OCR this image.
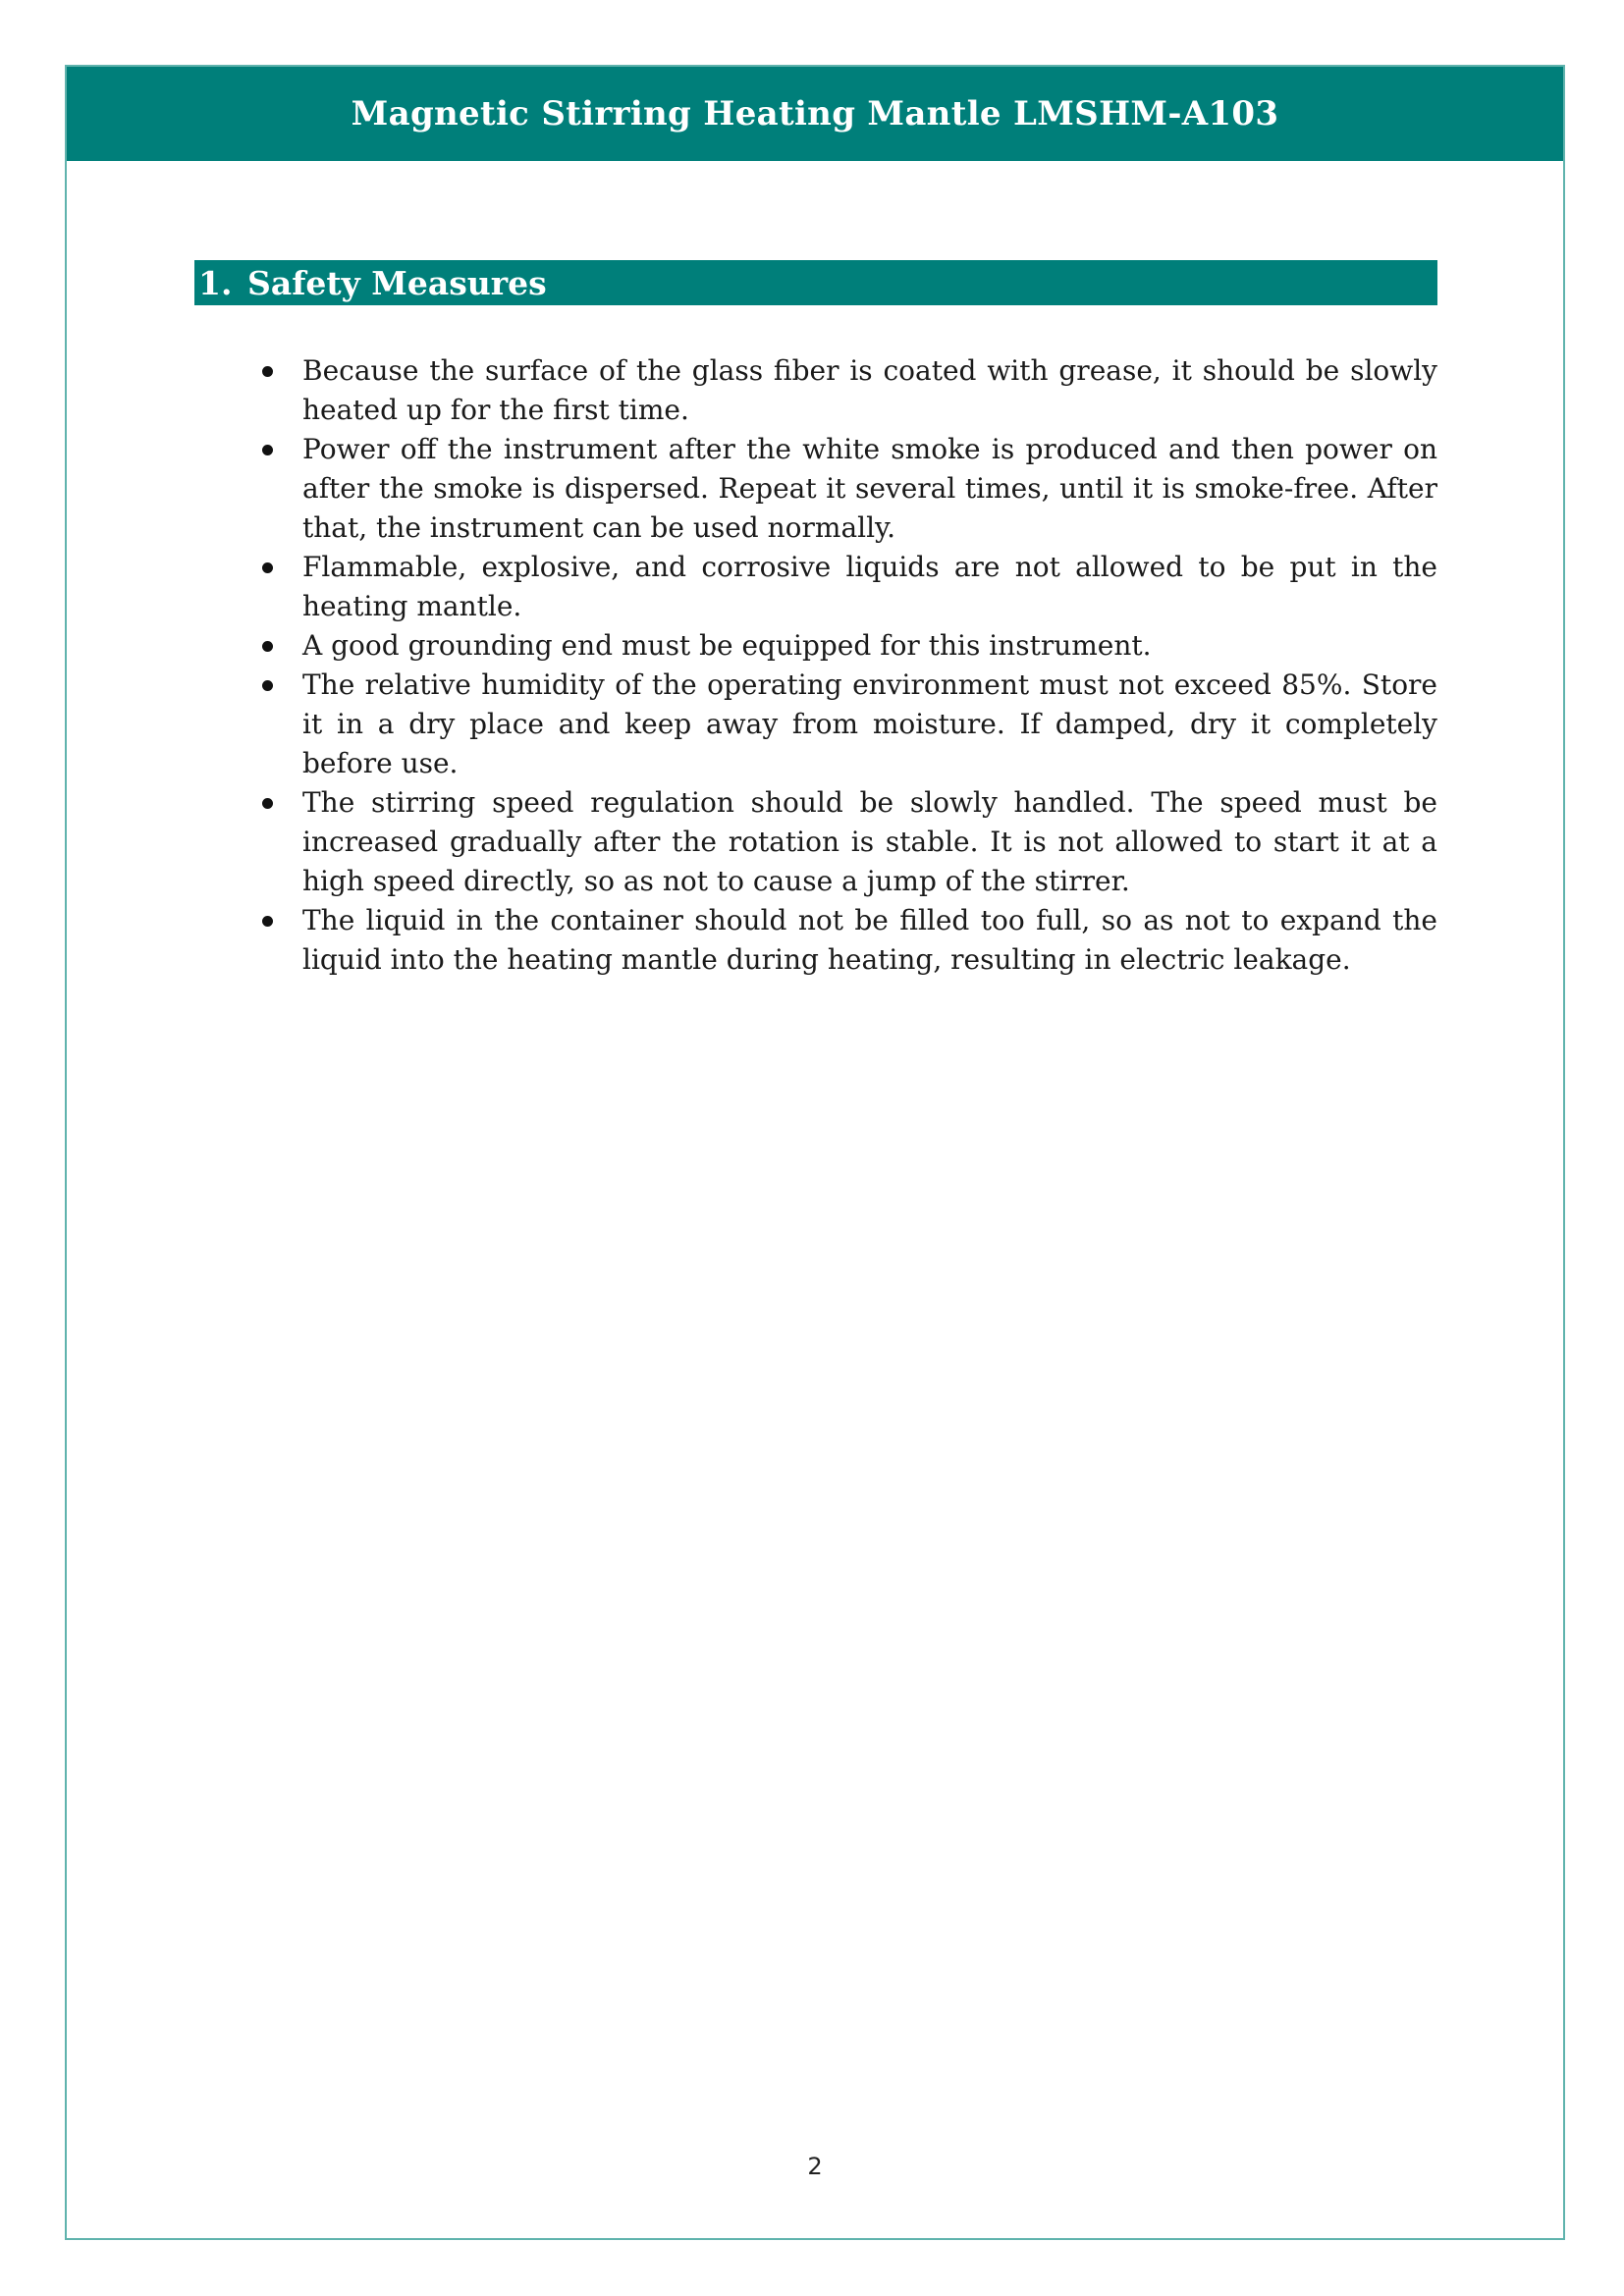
Magnetic Stirring Heating Mantle LMSHM-A103
1. Safety Measures
Because the surface of the glass fiber is coated with grease, it should be slowly heated up for the first time.
Power off the instrument after the white smoke is produced and then power on after the smoke is dispersed. Repeat it several times, until it is smoke-free. After that, the instrument can be used normally.
Flammable, explosive, and corrosive liquids are not allowed to be put in the heating mantle.
A good grounding end must be equipped for this instrument.
The relative humidity of the operating environment must not exceed 85%. Store it in a dry place and keep away from moisture. If damped, dry it completely before use.
The stirring speed regulation should be slowly handled. The speed must be increased gradually after the rotation is stable. It is not allowed to start it at a high speed directly, so as not to cause a jump of the stirrer.
The liquid in the container should not be filled too full, so as not to expand the liquid into the heating mantle during heating, resulting in electric leakage.
2
